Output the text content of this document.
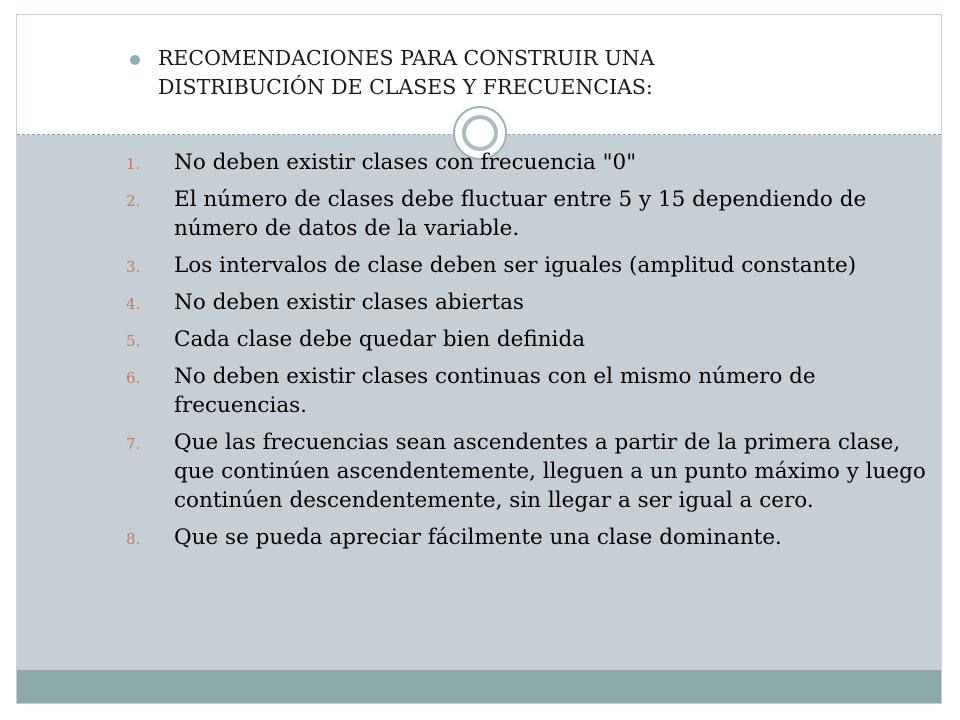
RECOMENDACIONES PARA CONSTRUIR UNA
DISTRIBUCIÓN DE CLASES Y FRECUENCIAS:
1. No deben existir clases con frecuencia "0"
2. El número de clases debe fluctuar entre 5 y 15 dependiendo de número de datos de la variable.
3. Los intervalos de clase deben ser iguales (amplitud constante)
4. No deben existir clases abiertas
5. Cada clase debe quedar bien definida
6. No deben existir clases continuas con el mismo número de frecuencias.
7. Que las frecuencias sean ascendentes a partir de la primera clase, que continúen ascendentemente, lleguen a un punto máximo y luego continúen descendentemente, sin llegar a ser igual a cero.
8. Que se pueda apreciar fácilmente una clase dominante.
